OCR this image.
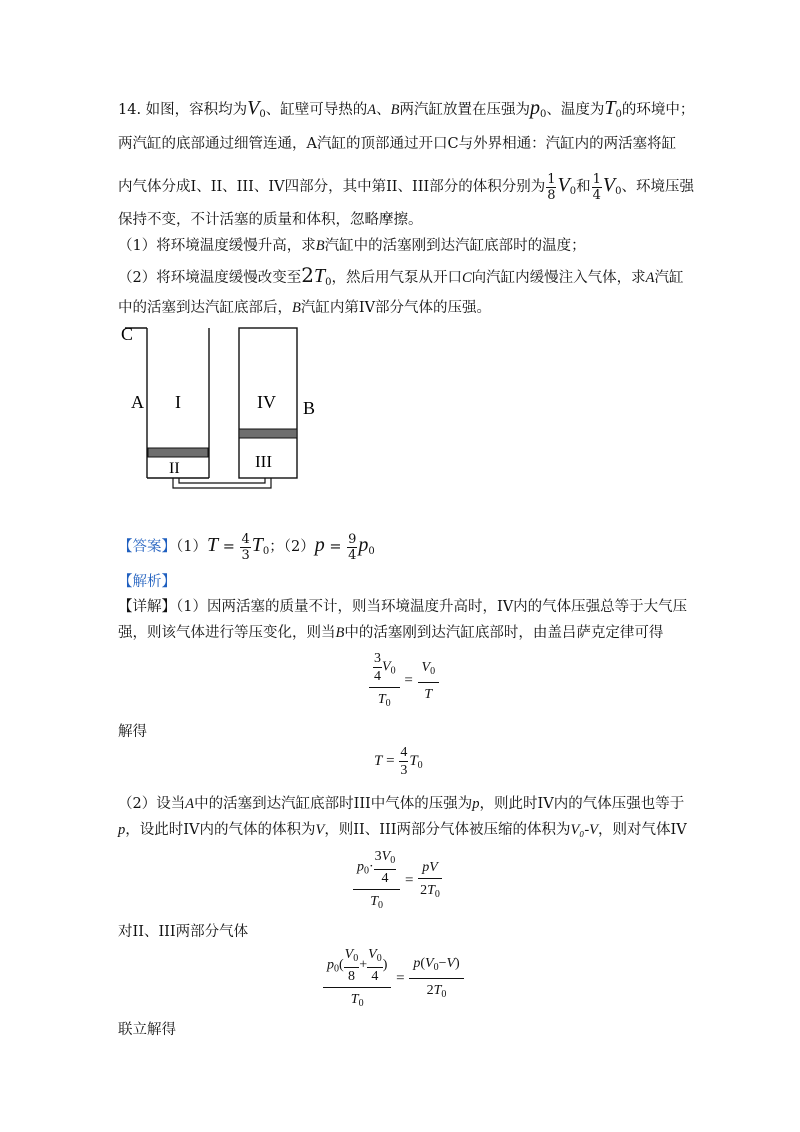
14. 如图，容积均为$V_0$、缸壁可导热的A、B两汽缸放置在压强为$p_0$、温度为$T_0$的环境中；
两汽缸的底部通过细管连通，A汽缸的顶部通过开口C与外界相通：汽缸内的两活塞将缸
内气体分成I、II、III、IV四部分，其中第II、III部分的体积分别为 $\frac{1}{8} V_0$和 $\frac{1}{4} V_0$、环境压强
保持不变，不计活塞的质量和体积，忽略摩擦。
（1）将环境温度缓慢升高，求B汽缸中的活塞刚到达汽缸底部时的温度；
（2）将环境温度缓慢改变至$2T_0$，然后用气泵从开口C向汽缸内缓慢注入气体，求A汽缸
中的活塞到达汽缸底部后，B汽缸内第IV部分气体的压强。
C
A I
II
IV B
III
【答案】$(1)T = \frac{4}{3} T_0$；$(2)p = \frac{9}{4} p_0$
【解析】
【详解】（1）因两活塞的质量不计，则当环境温度升高时，IV内的气体压强总等于大气压
强，则该气体进行等压变化，则当B中的活塞刚到达汽缸底部时，由盖吕萨克定律可得
$\frac{\frac{3}{4} V_0}{T_0} = \frac{V_0}{T}$
解得
$T = \frac{4}{3} T_0$
（2）设当A中的活塞到达汽缸底部时III中气体的压强为p，则此时IV内的气体压强也等于
p，设此时IV内的气体的体积为V，则II、III两部分气体被压缩的体积为V₀-V，则对气体IV
$\frac{p_0\cdot \frac{3V_0}{4}}{T_0} = \frac{pV}{2T_0}$
对II、III两部分气体
$\frac{p_0( \frac{V_0}{8} + \frac{V_0}{4} )}{T_0} = \frac{p(V_0-V)}{2T_0}$
联立解得
